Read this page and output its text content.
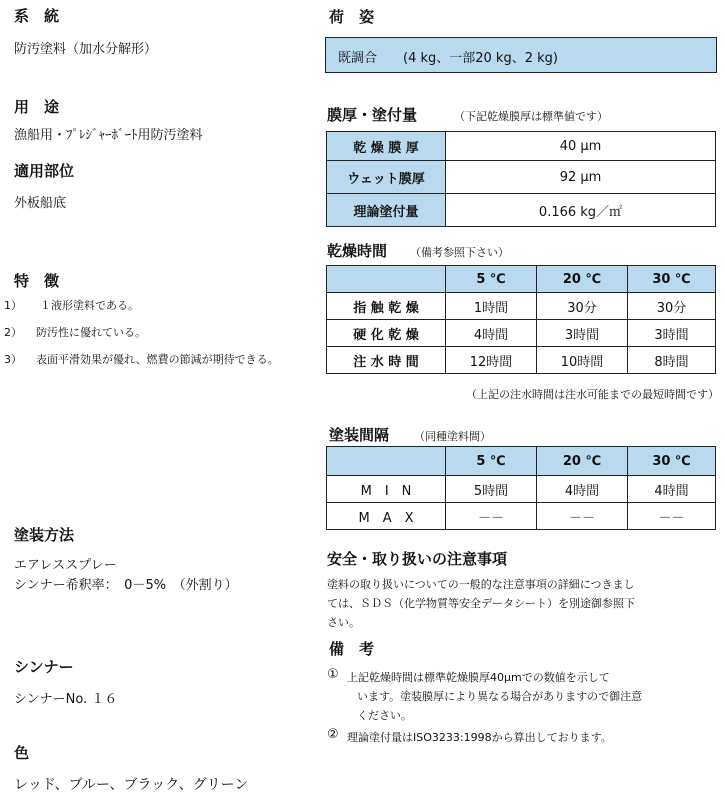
系　統
防汚塗料（加水分解形）
用　途
漁船用・ﾌﾟﾚｼﾞｬｰﾎﾞｰﾄ用防汚塗料
適用部位
外板船底
特　徴
1） １液形塗料である。
2） 防汚性に優れている。
3） 表面平滑効果が優れ、燃費の節減が期待できる。
塗装方法
エアレススプレー
シンナー希釈率：　0－5%　（外割り）
シンナー
シンナーNo. １６
色
レッド、ブルー、ブラック、グリーン
荷　姿
既調合　　(4 kg、一部20 kg、2 kg)
膜厚・塗付量	（下記乾燥膜厚は標準値です）
乾 燥 膜 厚	40 μm
ウェット膜厚	92 μm
理論塗付量	0.166 kg／㎡
乾燥時間 （備考参照下さい）
	5 ℃	20 ℃	30 ℃
指 触 乾 燥	1時間	30分	30分
硬 化 乾 燥	4時間	3時間	3時間
注 水 時 間	12時間	10時間	8時間
（上記の注水時間は注水可能までの最短時間です）
塗装間隔 （同種塗料間）
	5 ℃	20 ℃	30 ℃
M　I　N	5時間	4時間	4時間
M　A　X	－－	－－	－－
安全・取り扱いの注意事項
塗料の取り扱いについての一般的な注意事項の詳細につきまし
ては、ＳＤＳ（化学物質等安全データシート）を別途御参照下
さい。
備　考
① 上記乾燥時間は標準乾燥膜厚40μmでの数値を示して
います。塗装膜厚により異なる場合がありますので御注意
ください。
② 理論塗付量はISO3233:1998から算出しております。
